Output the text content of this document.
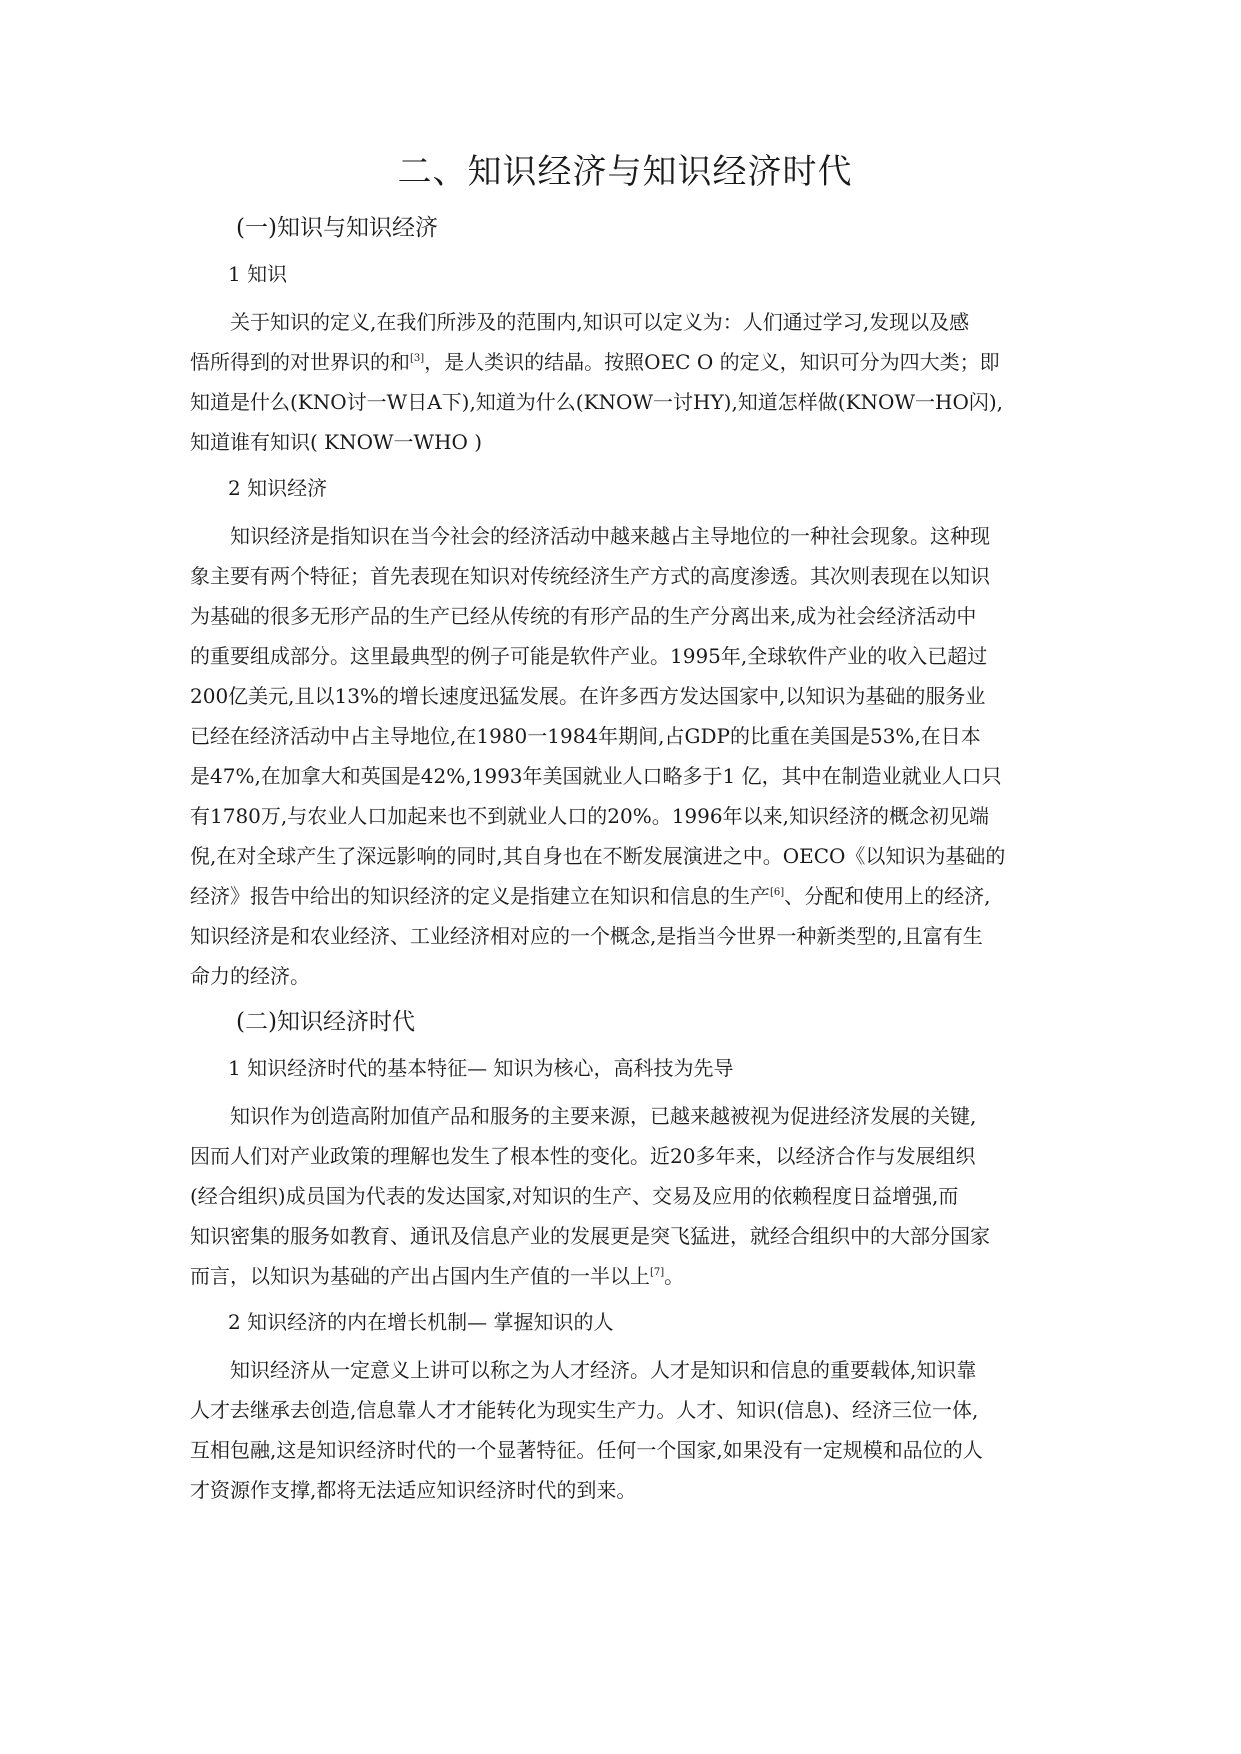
二、知识经济与知识经济时代
(一)知识与知识经济
1 知识

关于知识的定义,在我们所涉及的范围内,知识可以定义为：人们通过学习,发现以及感
悟所得到的对世界识的和[3]，是人类识的结晶。按照OEC O 的定义，知识可分为四大类；即
知道是什么(KNO讨一W日A下),知道为什么(KNOW一讨HY),知道怎样做(KNOW一HO闪),
知道谁有知识( KNOW一WHO )

2 知识经济

知识经济是指知识在当今社会的经济活动中越来越占主导地位的一种社会现象。这种现
象主要有两个特征；首先表现在知识对传统经济生产方式的高度渗透。其次则表现在以知识
为基础的很多无形产品的生产已经从传统的有形产品的生产分离出来,成为社会经济活动中
的重要组成部分。这里最典型的例子可能是软件产业。1995年,全球软件产业的收入已超过
200亿美元,且以13%的增长速度迅猛发展。在许多西方发达国家中,以知识为基础的服务业
已经在经济活动中占主导地位,在1980一1984年期间,占GDP的比重在美国是53%,在日本
是47%,在加拿大和英国是42%,1993年美国就业人口略多于1 亿，其中在制造业就业人口只
有1780万,与农业人口加起来也不到就业人口的20%。1996年以来,知识经济的概念初见端
倪,在对全球产生了深远影响的同时,其自身也在不断发展演进之中。OECO《以知识为基础的
经济》报告中给出的知识经济的定义是指建立在知识和信息的生产[6]、分配和使用上的经济,
知识经济是和农业经济、工业经济相对应的一个概念,是指当今世界一种新类型的,且富有生
命力的经济。

(二)知识经济时代
1 知识经济时代的基本特征— 知识为核心，高科技为先导

知识作为创造高附加值产品和服务的主要来源，已越来越被视为促进经济发展的关键,
因而人们对产业政策的理解也发生了根本性的变化。近20多年来，以经济合作与发展组织
(经合组织)成员国为代表的发达国家,对知识的生产、交易及应用的依赖程度日益增强,而
知识密集的服务如教育、通讯及信息产业的发展更是突飞猛进，就经合组织中的大部分国家
而言，以知识为基础的产出占国内生产值的一半以上[7]。

2 知识经济的内在增长机制— 掌握知识的人

知识经济从一定意义上讲可以称之为人才经济。人才是知识和信息的重要载体,知识靠
人才去继承去创造,信息靠人才才能转化为现实生产力。人才、知识(信息)、经济三位一体,
互相包融,这是知识经济时代的一个显著特征。任何一个国家,如果没有一定规模和品位的人
才资源作支撑,都将无法适应知识经济时代的到来。
